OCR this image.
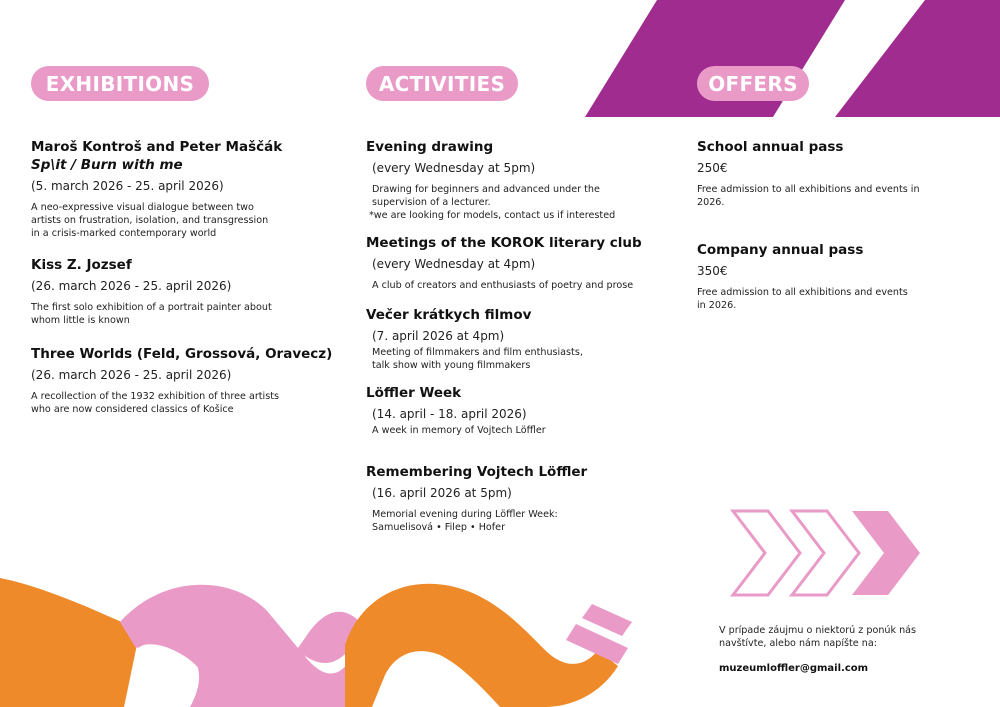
EXHIBITIONS	ACTIVITIES	OFFERS
Maroš Kontroš and Peter Maščák
Sp\it / Burn with me
(5. march 2026 - 25. april 2026)
A neo-expressive visual dialogue between two
artists on frustration, isolation, and transgression
in a crisis-marked contemporary world
Kiss Z. Jozsef
(26. march 2026 - 25. april 2026)
The first solo exhibition of a portrait painter about
whom little is known
Three Worlds (Feld, Grossová, Oravecz)
(26. march 2026 - 25. april 2026)
A recollection of the 1932 exhibition of three artists
who are now considered classics of Košice
Evening drawing
(every Wednesday at 5pm)
Drawing for beginners and advanced under the
supervision of a lecturer.
*we are looking for models, contact us if interested
Meetings of the KOROK literary club
(every Wednesday at 4pm)
A club of creators and enthusiasts of poetry and prose
Večer krátkych filmov
(7. april 2026 at 4pm)
Meeting of filmmakers and film enthusiasts,
talk show with young filmmakers
Löffler Week
(14. april - 18. april 2026)
A week in memory of Vojtech Löffler
Remembering Vojtech Löffler
(16. april 2026 at 5pm)
Memorial evening during Löffler Week:
Samuelisová • Filep • Hofer
School annual pass
250€
Free admission to all exhibitions and events in
2026.
Company annual pass
350€
Free admission to all exhibitions and events
in 2026.
V prípade záujmu o niektorú z ponúk nás
navštívte, alebo nám napíšte na:
muzeumloffler@gmail.com
